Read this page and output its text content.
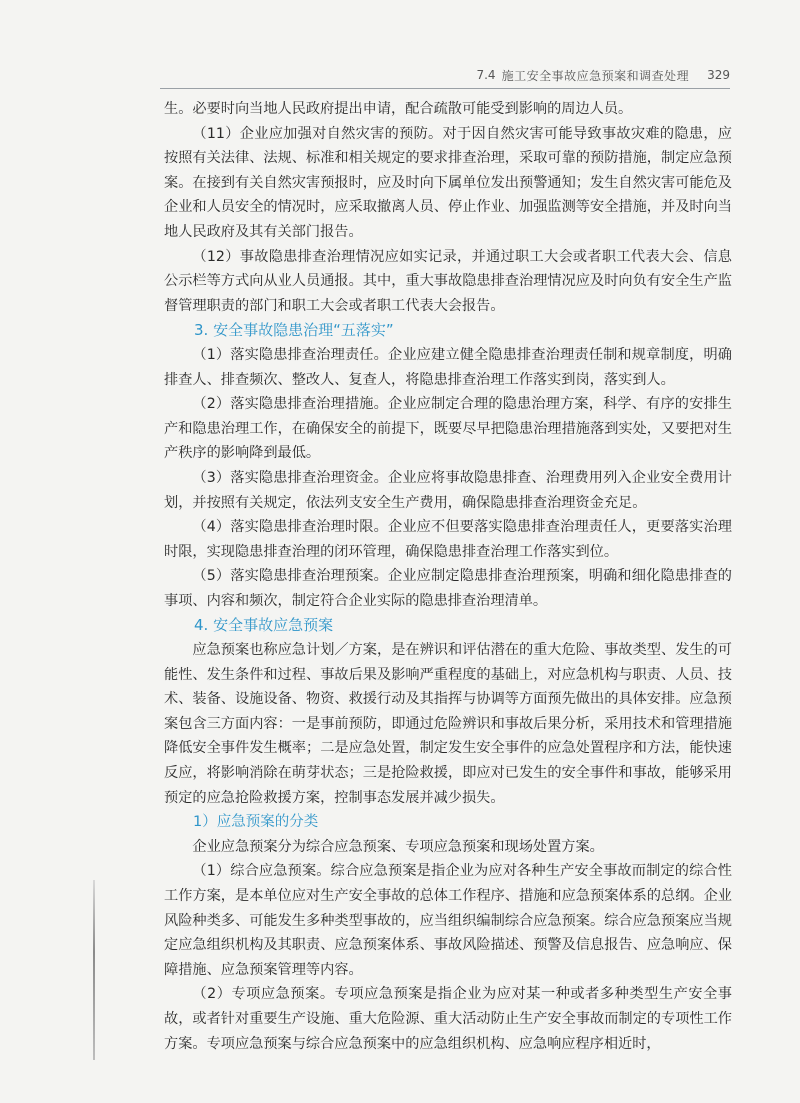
7.4 施工安全事故应急预案和调查处理 329

生。必要时向当地人民政府提出申请，配合疏散可能受到影响的周边人员。

（11）企业应加强对自然灾害的预防。对于因自然灾害可能导致事故灾难的隐患，应按照有关法律、法规、标准和相关规定的要求排查治理，采取可靠的预防措施，制定应急预案。在接到有关自然灾害预报时，应及时向下属单位发出预警通知；发生自然灾害可能危及企业和人员安全的情况时，应采取撤离人员、停止作业、加强监测等安全措施，并及时向当地人民政府及其有关部门报告。

（12）事故隐患排查治理情况应如实记录，并通过职工大会或者职工代表大会、信息公示栏等方式向从业人员通报。其中，重大事故隐患排查治理情况应及时向负有安全生产监督管理职责的部门和职工大会或者职工代表大会报告。

3. 安全事故隐患治理“五落实”

（1）落实隐患排查治理责任。企业应建立健全隐患排查治理责任制和规章制度，明确排查人、排查频次、整改人、复查人，将隐患排查治理工作落实到岗，落实到人。

（2）落实隐患排查治理措施。企业应制定合理的隐患治理方案，科学、有序的安排生产和隐患治理工作，在确保安全的前提下，既要尽早把隐患治理措施落到实处，又要把对生产秩序的影响降到最低。

（3）落实隐患排查治理资金。企业应将事故隐患排查、治理费用列入企业安全费用计划，并按照有关规定，依法列支安全生产费用，确保隐患排查治理资金充足。

（4）落实隐患排查治理时限。企业应不但要落实隐患排查治理责任人，更要落实治理时限，实现隐患排查治理的闭环管理，确保隐患排查治理工作落实到位。

（5）落实隐患排查治理预案。企业应制定隐患排查治理预案，明确和细化隐患排查的事项、内容和频次，制定符合企业实际的隐患排查治理清单。

4. 安全事故应急预案

应急预案也称应急计划／方案，是在辨识和评估潜在的重大危险、事故类型、发生的可能性、发生条件和过程、事故后果及影响严重程度的基础上，对应急机构与职责、人员、技术、装备、设施设备、物资、救援行动及其指挥与协调等方面预先做出的具体安排。应急预案包含三方面内容：一是事前预防，即通过危险辨识和事故后果分析，采用技术和管理措施降低安全事件发生概率；二是应急处置，制定发生安全事件的应急处置程序和方法，能快速反应，将影响消除在萌芽状态；三是抢险救援，即应对已发生的安全事件和事故，能够采用预定的应急抢险救援方案，控制事态发展并减少损失。

1）应急预案的分类

企业应急预案分为综合应急预案、专项应急预案和现场处置方案。

（1）综合应急预案。综合应急预案是指企业为应对各种生产安全事故而制定的综合性工作方案，是本单位应对生产安全事故的总体工作程序、措施和应急预案体系的总纲。企业风险种类多、可能发生多种类型事故的，应当组织编制综合应急预案。综合应急预案应当规定应急组织机构及其职责、应急预案体系、事故风险描述、预警及信息报告、应急响应、保障措施、应急预案管理等内容。

（2）专项应急预案。专项应急预案是指企业为应对某一种或者多种类型生产安全事故，或者针对重要生产设施、重大危险源、重大活动防止生产安全事故而制定的专项性工作方案。专项应急预案与综合应急预案中的应急组织机构、应急响应程序相近时，
